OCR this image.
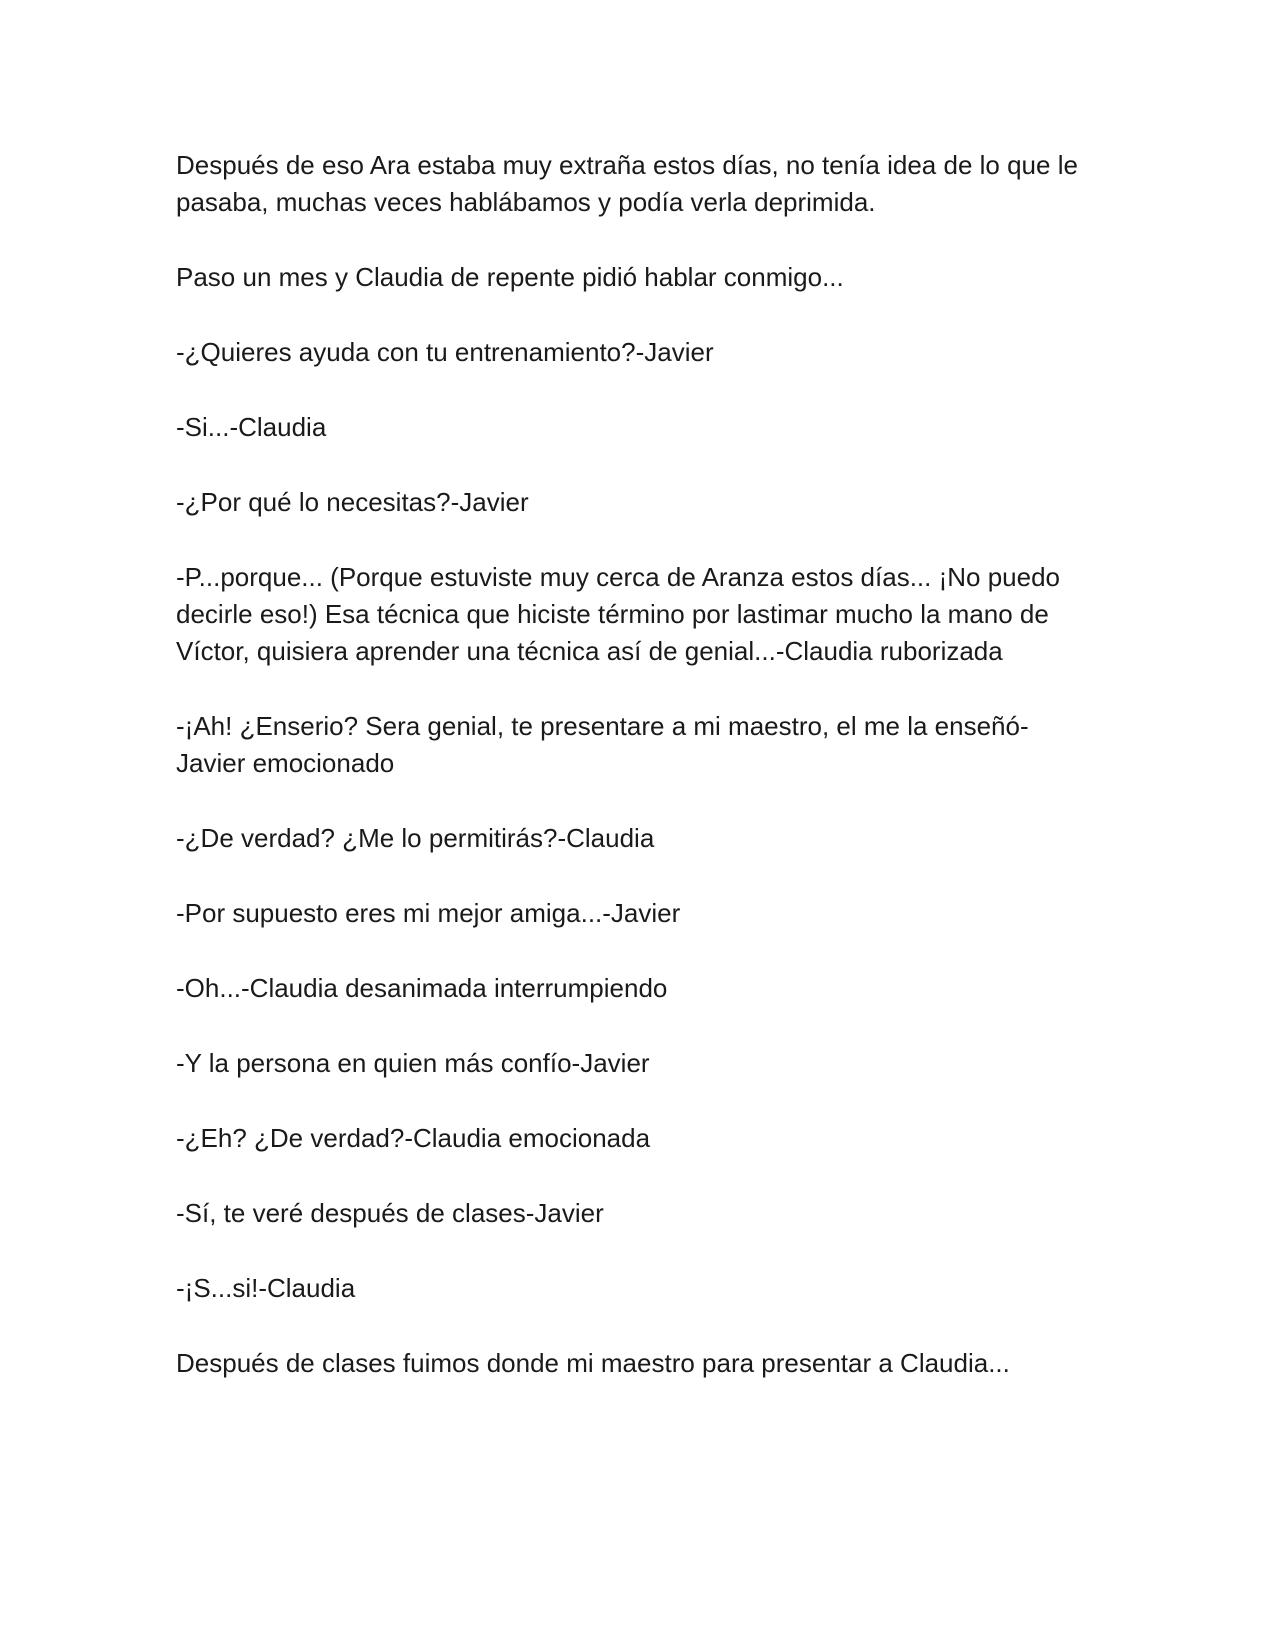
Después de eso Ara estaba muy extraña estos días, no tenía idea de lo que le pasaba, muchas veces hablábamos y podía verla deprimida.

Paso un mes y Claudia de repente pidió hablar conmigo...

-¿Quieres ayuda con tu entrenamiento?-Javier

-Si...-Claudia

-¿Por qué lo necesitas?-Javier

-P...porque... (Porque estuviste muy cerca de Aranza estos días... ¡No puedo decirle eso!) Esa técnica que hiciste término por lastimar mucho la mano de Víctor, quisiera aprender una técnica así de genial...-Claudia ruborizada

-¡Ah! ¿Enserio? Sera genial, te presentare a mi maestro, el me la enseñó-Javier emocionado

-¿De verdad? ¿Me lo permitirás?-Claudia

-Por supuesto eres mi mejor amiga...-Javier

-Oh...-Claudia desanimada interrumpiendo

-Y la persona en quien más confío-Javier

-¿Eh? ¿De verdad?-Claudia emocionada

-Sí, te veré después de clases-Javier

-¡S...si!-Claudia

Después de clases fuimos donde mi maestro para presentar a Claudia...
